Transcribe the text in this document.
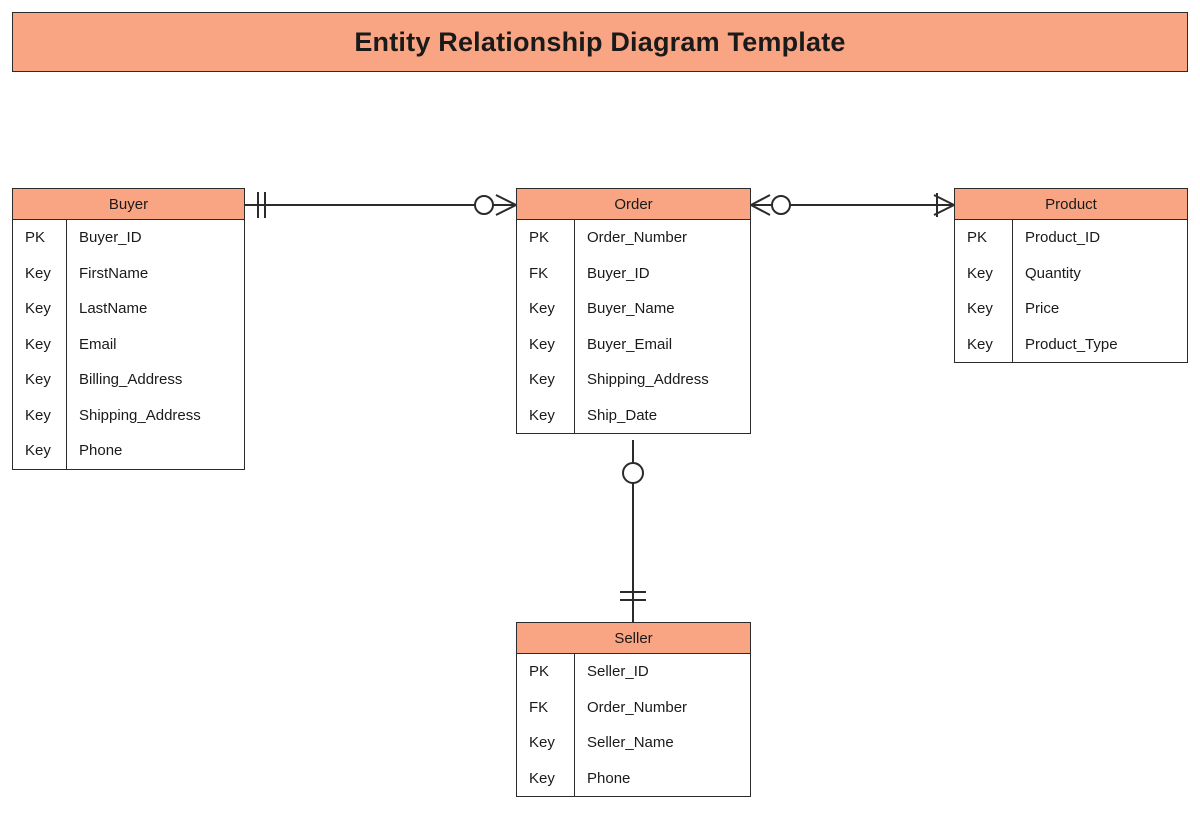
Entity Relationship Diagram Template
Buyer
PK	Buyer_ID
Key	FirstName
Key	LastName
Key	Email
Key	Billing_Address
Key	Shipping_Address
Key	Phone
Order
PK	Order_Number
FK	Buyer_ID
Key	Buyer_Name
Key	Buyer_Email
Key	Shipping_Address
Key	Ship_Date
Product
PK	Product_ID
Key	Quantity
Key	Price
Key	Product_Type
Seller
PK	Seller_ID
FK	Order_Number
Key	Seller_Name
Key	Phone
